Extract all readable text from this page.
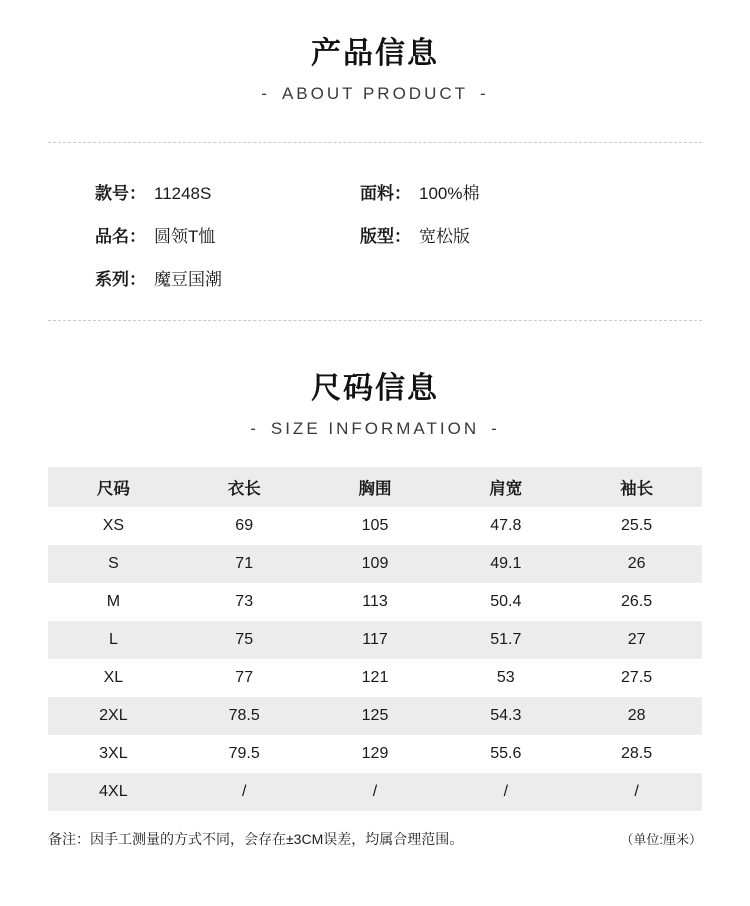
产品信息
- ABOUT PRODUCT -
款号： 11248S	面料： 100%棉
品名： 圆领T恤	版型： 宽松版
系列： 魔豆国潮
尺码信息
- SIZE INFORMATION -
尺码	衣长	胸围	肩宽	袖长
XS	69	105	47.8	25.5
S	71	109	49.1	26
M	73	113	50.4	26.5
L	75	117	51.7	27
XL	77	121	53	27.5
2XL	78.5	125	54.3	28
3XL	79.5	129	55.6	28.5
4XL	/	/	/	/
备注：因手工测量的方式不同，会存在±3CM误差，均属合理范围。	（单位:厘米）
